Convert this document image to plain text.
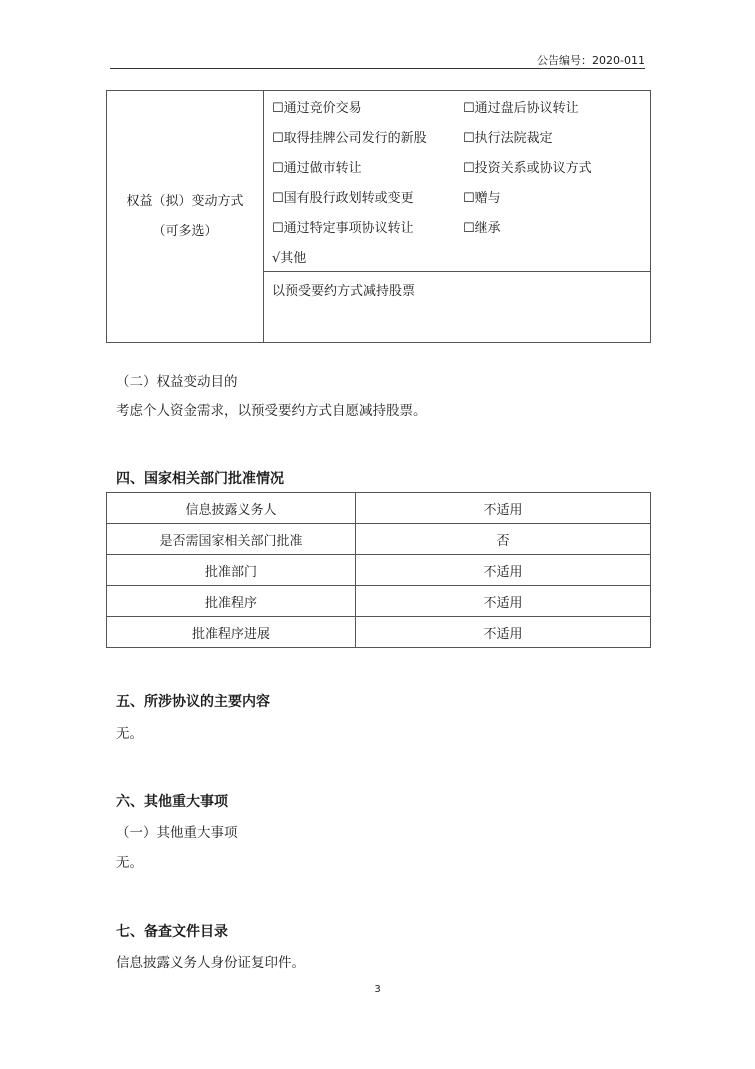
公告编号：2020-011
权益（拟）变动方式
（可多选）

☐通过竞价交易	☐通过盘后协议转让
☐取得挂牌公司发行的新股	☐执行法院裁定
☐通过做市转让	☐投资关系或协议方式
☐国有股行政划转或变更	☐赠与
☐通过特定事项协议转让	☐继承
√其他

以预受要约方式减持股票
（二）权益变动目的
考虑个人资金需求，以预受要约方式自愿减持股票。
四、国家相关部门批准情况
信息披露义务人	不适用
是否需国家相关部门批准	否
批准部门	不适用
批准程序	不适用
批准程序进展	不适用
五、所涉协议的主要内容
无。
六、其他重大事项
（一）其他重大事项
无。
七、备查文件目录
信息披露义务人身份证复印件。
3
